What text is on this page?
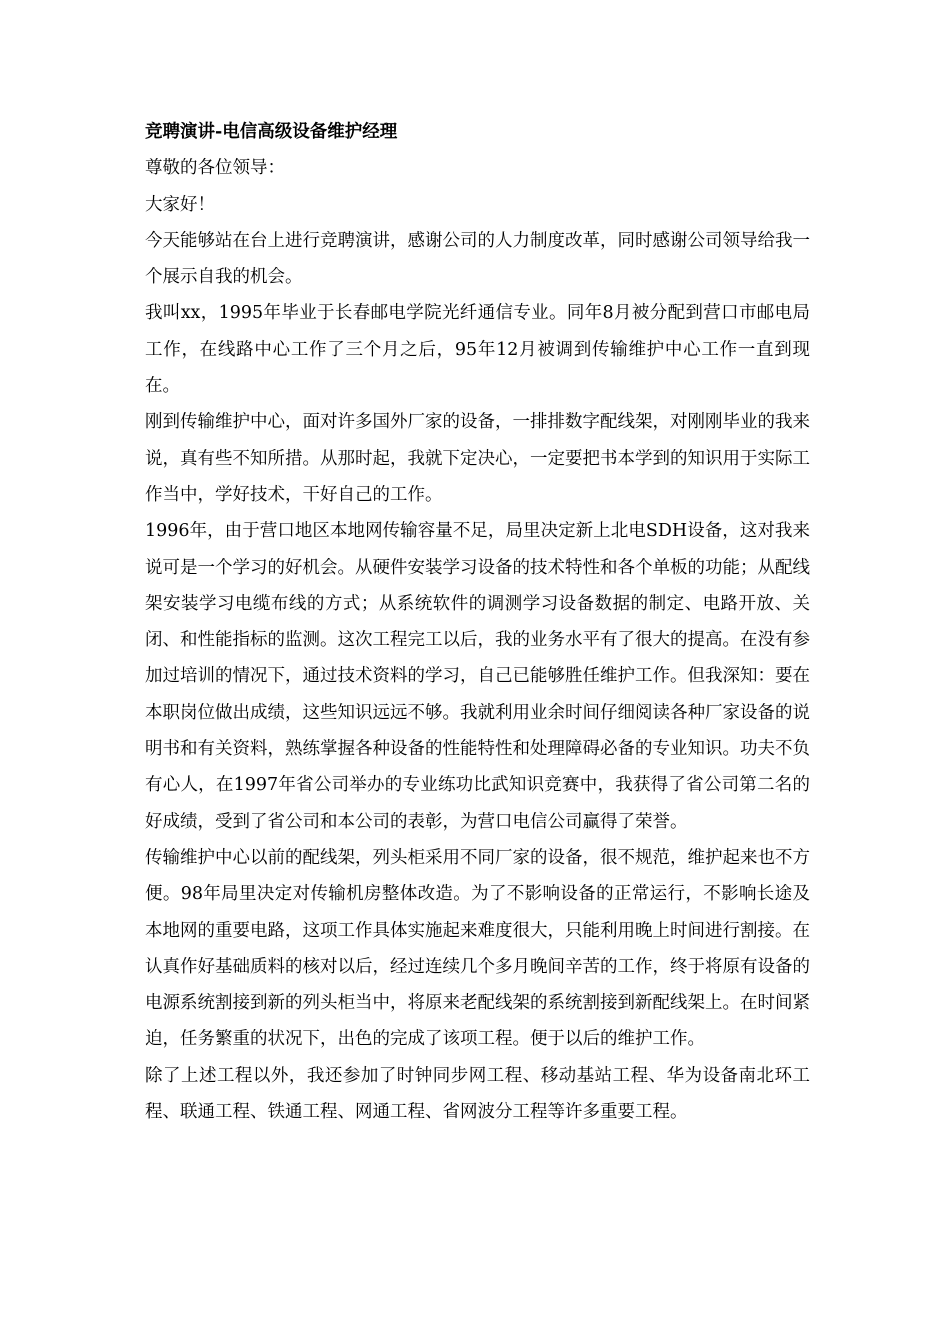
竞聘演讲-电信高级设备维护经理

尊敬的各位领导：

大家好！

今天能够站在台上进行竞聘演讲，感谢公司的人力制度改革，同时感谢公司领导给我一个展示自我的机会。

我叫xx，1995年毕业于长春邮电学院光纤通信专业。同年8月被分配到营口市邮电局工作，在线路中心工作了三个月之后，95年12月被调到传输维护中心工作一直到现在。

刚到传输维护中心，面对许多国外厂家的设备，一排排数字配线架，对刚刚毕业的我来说，真有些不知所措。从那时起，我就下定决心，一定要把书本学到的知识用于实际工作当中，学好技术，干好自己的工作。

1996年，由于营口地区本地网传输容量不足，局里决定新上北电SDH设备，这对我来说可是一个学习的好机会。从硬件安装学习设备的技术特性和各个单板的功能；从配线架安装学习电缆布线的方式；从系统软件的调测学习设备数据的制定、电路开放、关闭、和性能指标的监测。这次工程完工以后，我的业务水平有了很大的提高。在没有参加过培训的情况下，通过技术资料的学习，自己已能够胜任维护工作。但我深知：要在本职岗位做出成绩，这些知识远远不够。我就利用业余时间仔细阅读各种厂家设备的说明书和有关资料，熟练掌握各种设备的性能特性和处理障碍必备的专业知识。功夫不负有心人，在1997年省公司举办的专业练功比武知识竞赛中，我获得了省公司第二名的好成绩，受到了省公司和本公司的表彰，为营口电信公司赢得了荣誉。

传输维护中心以前的配线架，列头柜采用不同厂家的设备，很不规范，维护起来也不方便。98年局里决定对传输机房整体改造。为了不影响设备的正常运行，不影响长途及本地网的重要电路，这项工作具体实施起来难度很大，只能利用晚上时间进行割接。在认真作好基础质料的核对以后，经过连续几个多月晚间辛苦的工作，终于将原有设备的电源系统割接到新的列头柜当中，将原来老配线架的系统割接到新配线架上。在时间紧迫，任务繁重的状况下，出色的完成了该项工程。便于以后的维护工作。

除了上述工程以外，我还参加了时钟同步网工程、移动基站工程、华为设备南北环工程、联通工程、铁通工程、网通工程、省网波分工程等许多重要工程。
